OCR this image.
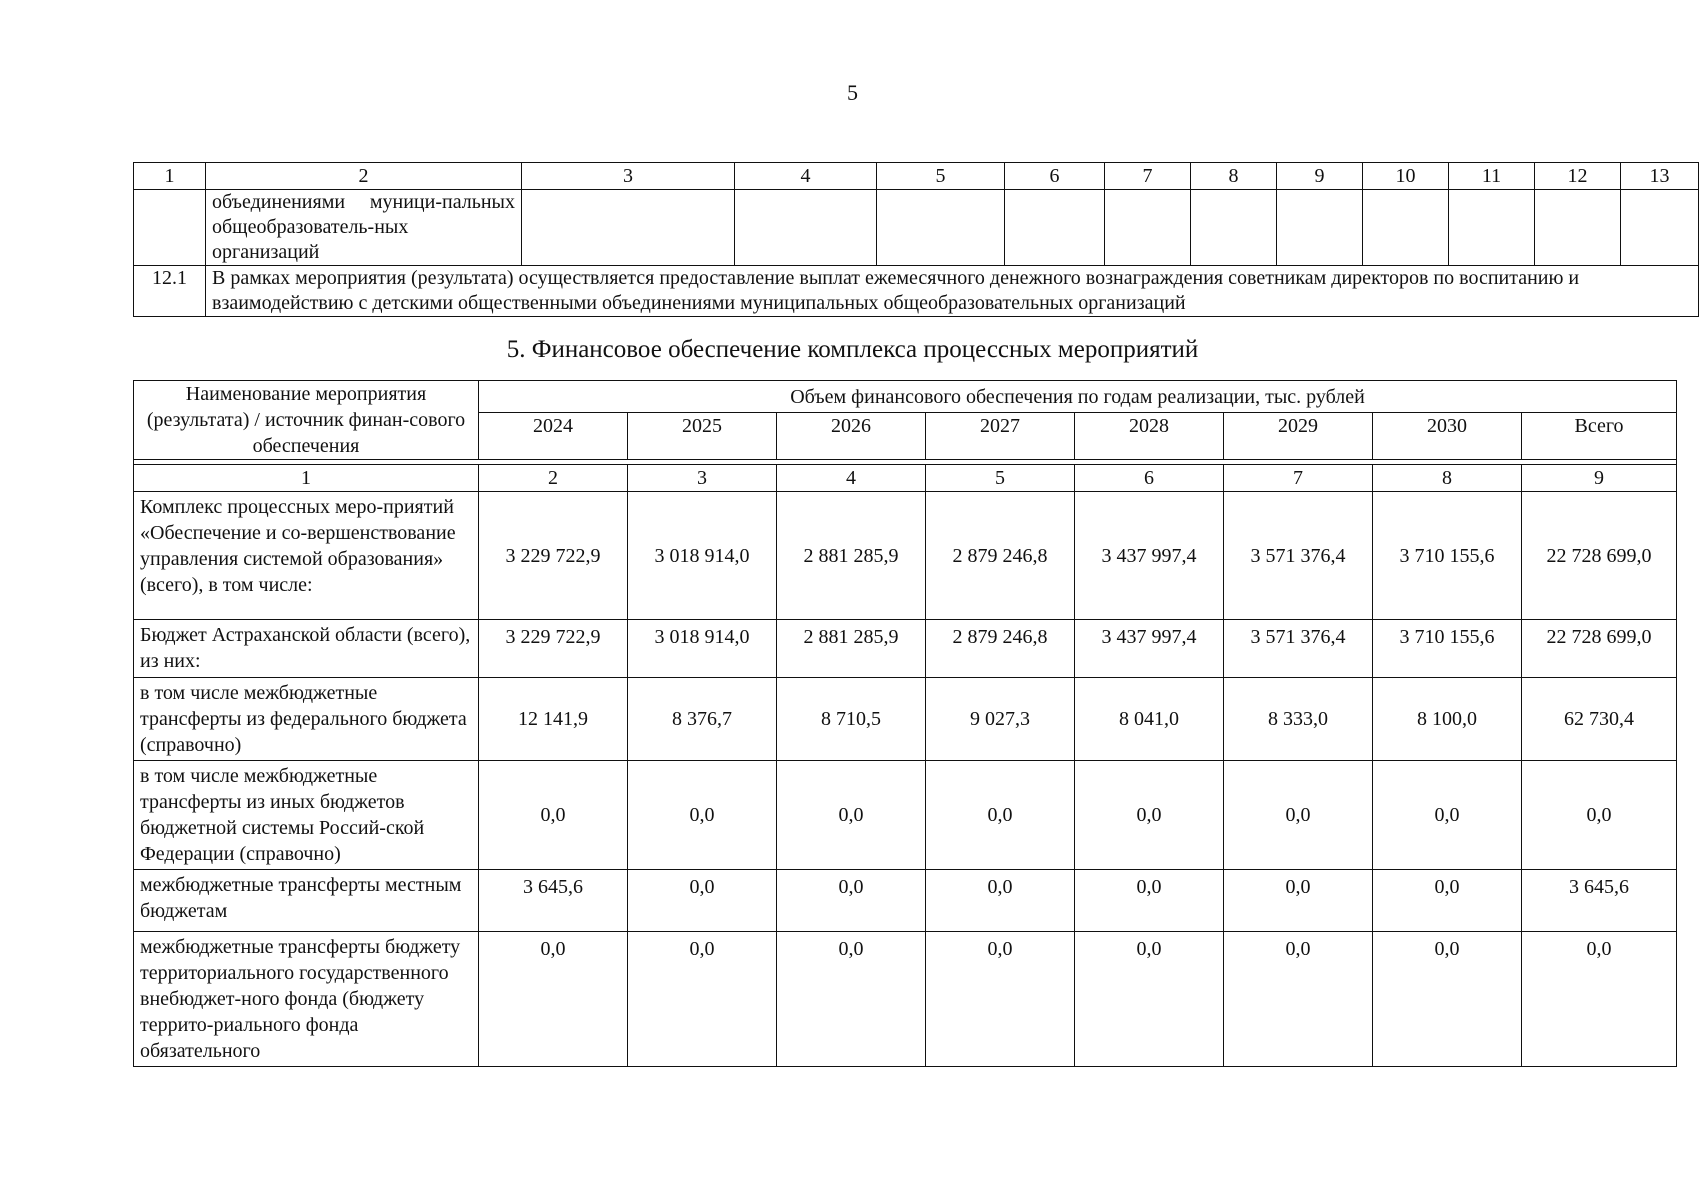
5
1	2	3	4	5	6	7	8	9	10	11	12	13
	объединениями муници-пальных общеобразователь-ных организаций											
12.1	В рамках мероприятия (результата) осуществляется предоставление выплат ежемесячного денежного вознаграждения советникам директоров по воспитанию и взаимодействию с детскими общественными объединениями муниципальных общеобразовательных организаций											
5. Финансовое обеспечение комплекса процессных мероприятий
Наименование мероприятия (результата) / источник финан-сового обеспечения	Объем финансового обеспечения по годам реализации, тыс. рублей							
	2024	2025	2026	2027	2028	2029	2030	Всего

1	2	3	4	5	6	7	8	9
Комплекс процессных меро-приятий «Обеспечение и со-вершенствование управления системой образования» (всего), в том числе:	3 229 722,9	3 018 914,0	2 881 285,9	2 879 246,8	3 437 997,4	3 571 376,4	3 710 155,6	22 728 699,0
Бюджет Астраханской области (всего), из них:	3 229 722,9	3 018 914,0	2 881 285,9	2 879 246,8	3 437 997,4	3 571 376,4	3 710 155,6	22 728 699,0
в том числе межбюджетные трансферты из федерального бюджета (справочно)	12 141,9	8 376,7	8 710,5	9 027,3	8 041,0	8 333,0	8 100,0	62 730,4
в том числе межбюджетные трансферты из иных бюджетов бюджетной системы Россий-ской Федерации (справочно)	0,0	0,0	0,0	0,0	0,0	0,0	0,0	0,0
межбюджетные трансферты местным бюджетам	3 645,6	0,0	0,0	0,0	0,0	0,0	0,0	3 645,6
межбюджетные трансферты бюджету территориального государственного внебюджет-ного фонда (бюджету террито-риального фонда обязательного	0,0	0,0	0,0	0,0	0,0	0,0	0,0	0,0
